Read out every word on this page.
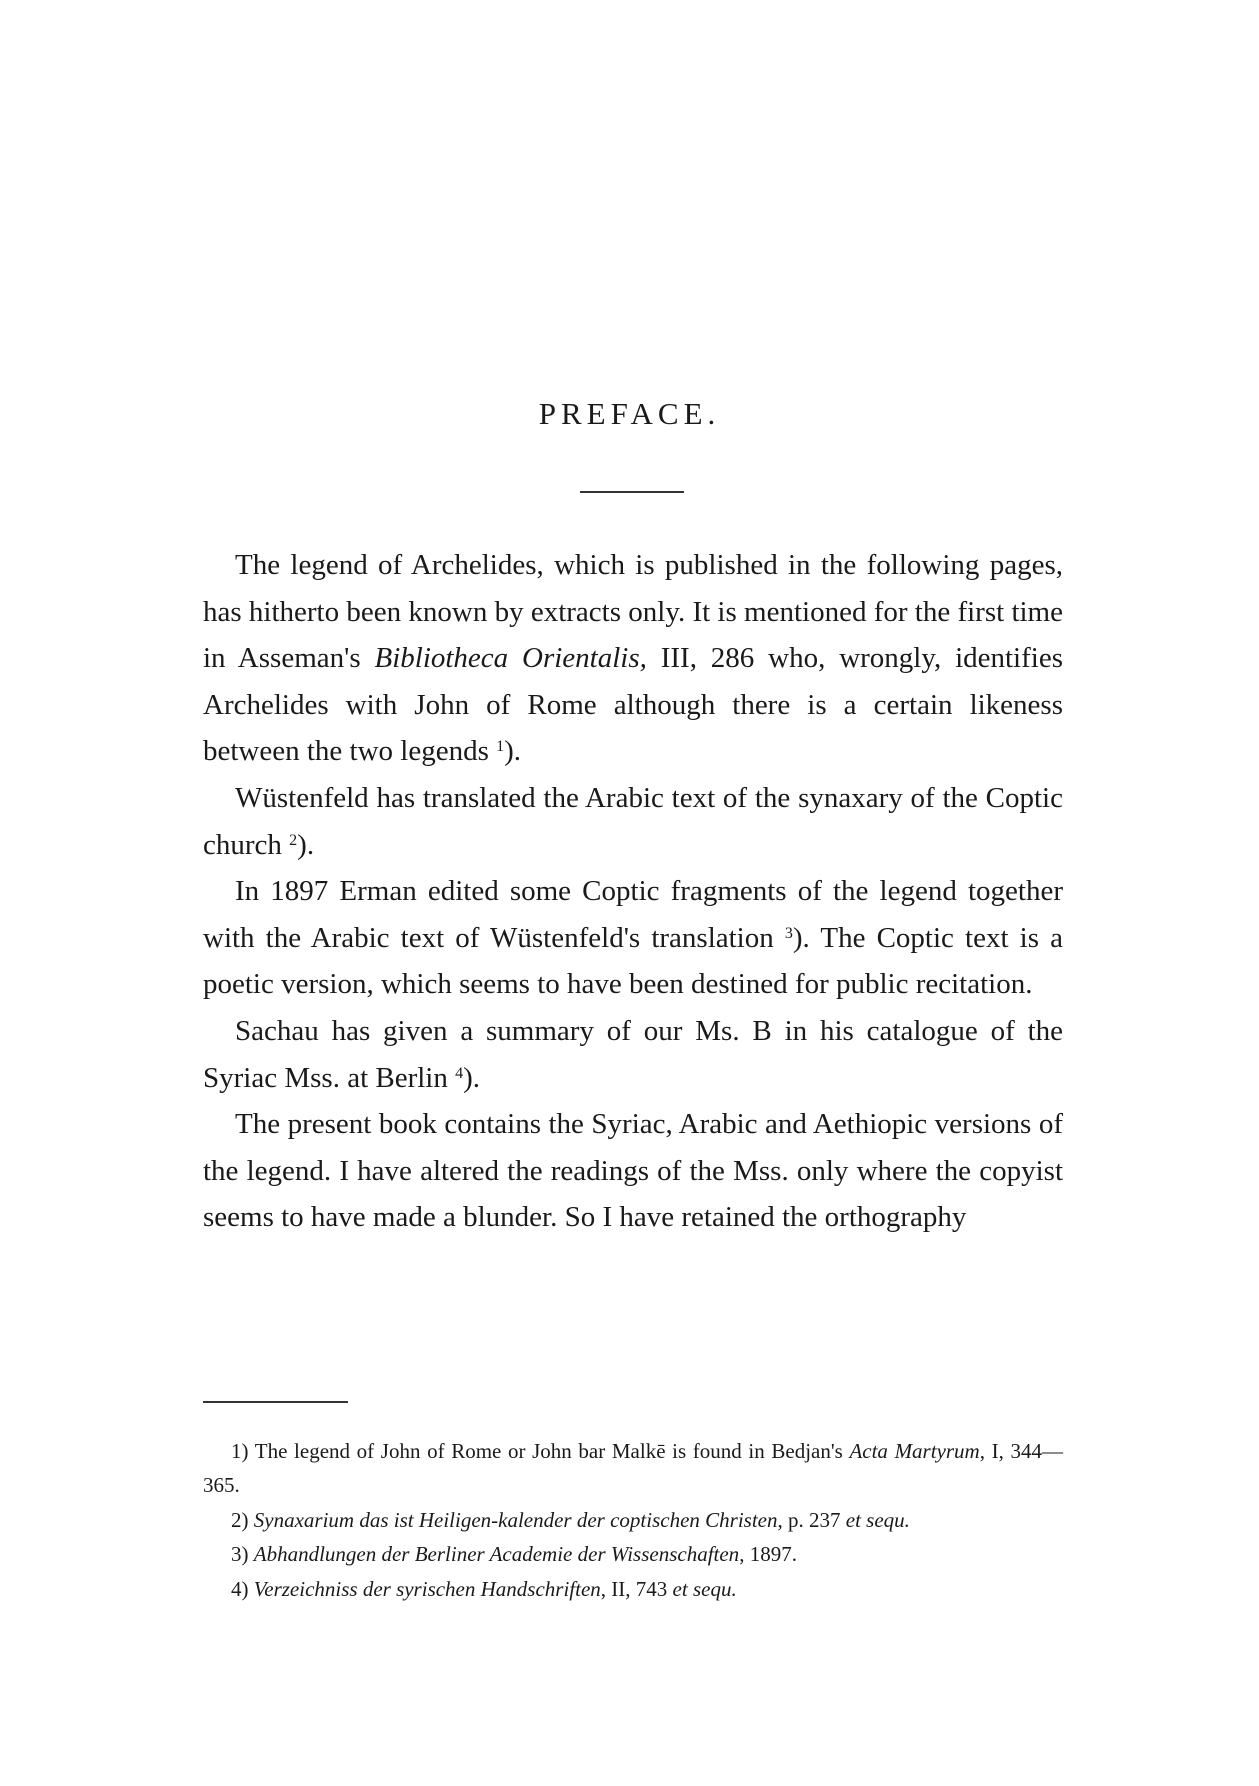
PREFACE.

The legend of Archelides, which is published in the following pages, has hitherto been known by extracts only. It is mentioned for the first time in Asseman's Bibliotheca Orientalis, III, 286 who, wrongly, identifies Archelides with John of Rome although there is a certain likeness between the two legends $^1$).

Wüstenfeld has translated the Arabic text of the synaxary of the Coptic church $^2$).

In 1897 Erman edited some Coptic fragments of the legend together with the Arabic text of Wüstenfeld's translation $^3$). The Coptic text is a poetic version, which seems to have been destined for public recitation.

Sachau has given a summary of our Ms. B in his catalogue of the Syriac Mss. at Berlin $^4$).

The present book contains the Syriac, Arabic and Aethiopic versions of the legend. I have altered the readings of the Mss. only where the copyist seems to have made a blunder. So I have retained the orthography

1) The legend of John of Rome or John bar Malkē is found in Bedjan's Acta Martyrum, I, 344—365.

2) Synaxarium das ist Heiligen-kalender der coptischen Christen, p. 237 et sequ.

3) Abhandlungen der Berliner Academie der Wissenschaften, 1897.

4) Verzeichniss der syrischen Handschriften, II, 743 et sequ.
